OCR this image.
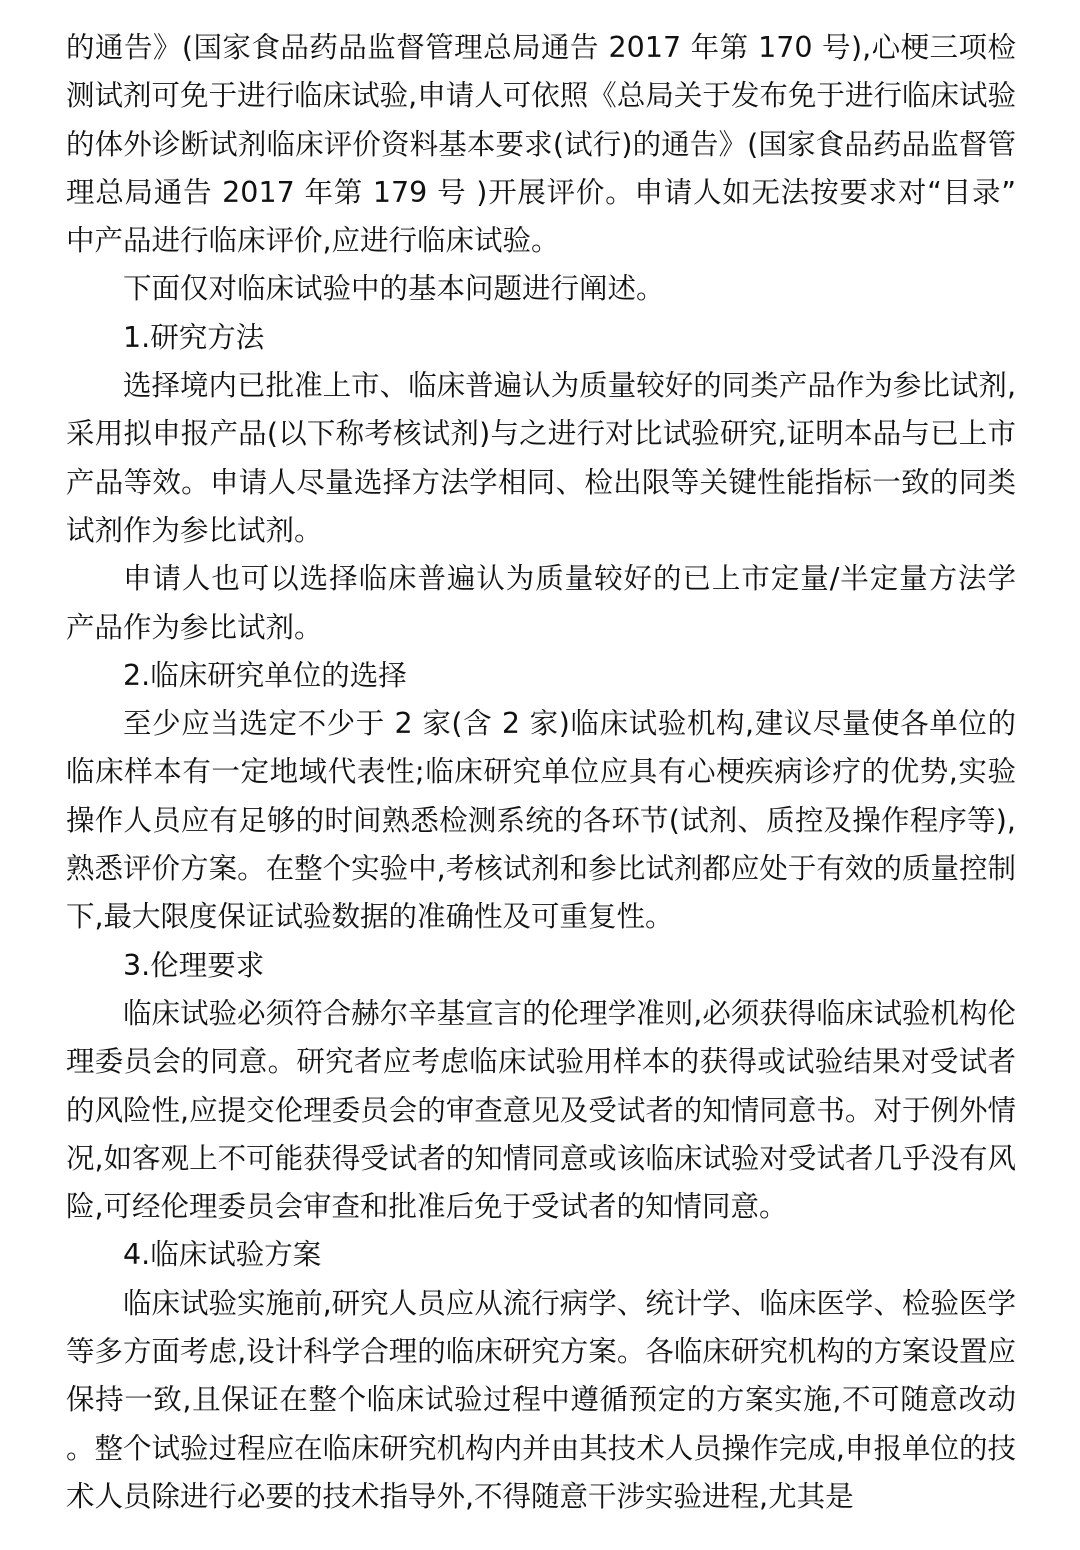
的通告》(国家食品药品监督管理总局通告 2017 年第 170 号),心梗三项检测试剂可免于进行临床试验,申请人可依照《总局关于发布免于进行临床试验的体外诊断试剂临床评价资料基本要求(试行)的通告》(国家食品药品监督管理总局通告 2017 年第 179 号 )开展评价。申请人如无法按要求对“目录”中产品进行临床评价,应进行临床试验。

下面仅对临床试验中的基本问题进行阐述。

1.研究方法

选择境内已批准上市、临床普遍认为质量较好的同类产品作为参比试剂,采用拟申报产品(以下称考核试剂)与之进行对比试验研究,证明本品与已上市产品等效。申请人尽量选择方法学相同、检出限等关键性能指标一致的同类试剂作为参比试剂。

申请人也可以选择临床普遍认为质量较好的已上市定量/半定量方法学产品作为参比试剂。

2.临床研究单位的选择

至少应当选定不少于 2 家(含 2 家)临床试验机构,建议尽量使各单位的临床样本有一定地域代表性;临床研究单位应具有心梗疾病诊疗的优势,实验操作人员应有足够的时间熟悉检测系统的各环节(试剂、质控及操作程序等),熟悉评价方案。在整个实验中,考核试剂和参比试剂都应处于有效的质量控制下,最大限度保证试验数据的准确性及可重复性。

3.伦理要求

临床试验必须符合赫尔辛基宣言的伦理学准则,必须获得临床试验机构伦理委员会的同意。研究者应考虑临床试验用样本的获得或试验结果对受试者的风险性,应提交伦理委员会的审查意见及受试者的知情同意书。对于例外情况,如客观上不可能获得受试者的知情同意或该临床试验对受试者几乎没有风险,可经伦理委员会审查和批准后免于受试者的知情同意。

4.临床试验方案

临床试验实施前,研究人员应从流行病学、统计学、临床医学、检验医学等多方面考虑,设计科学合理的临床研究方案。各临床研究机构的方案设置应保持一致,且保证在整个临床试验过程中遵循预定的方案实施,不可随意改动。整个试验过程应在临床研究机构内并由其技术人员操作完成,申报单位的技术人员除进行必要的技术指导外,不得随意干涉实验进程,尤其是
